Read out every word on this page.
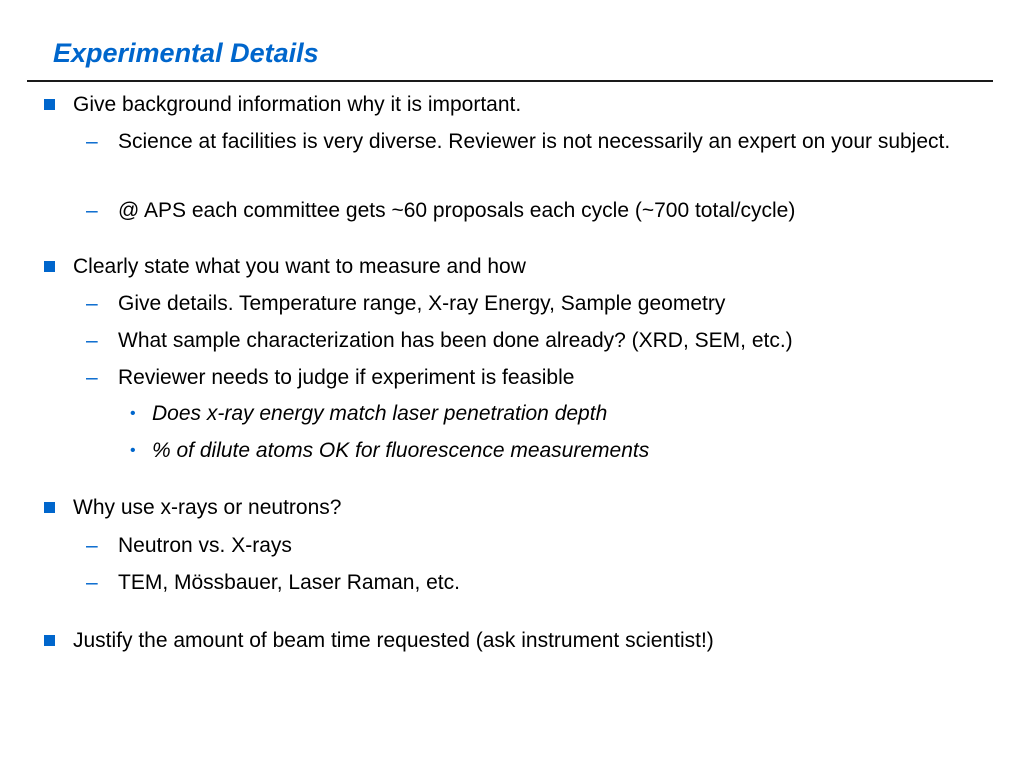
Experimental Details
Give background information why it is important.
– Science at facilities is very diverse. Reviewer is not necessarily an expert on your subject.
– @ APS each committee gets ~60 proposals each cycle (~700 total/cycle)
Clearly state what you want to measure and how
– Give details. Temperature range, X-ray Energy, Sample geometry
– What sample characterization has been done already? (XRD, SEM, etc.)
– Reviewer needs to judge if experiment is feasible
• Does x-ray energy match laser penetration depth
• % of dilute atoms OK for fluorescence measurements
Why use x-rays or neutrons?
– Neutron vs. X-rays
– TEM, Mössbauer, Laser Raman, etc.
Justify the amount of beam time requested (ask instrument scientist!)
